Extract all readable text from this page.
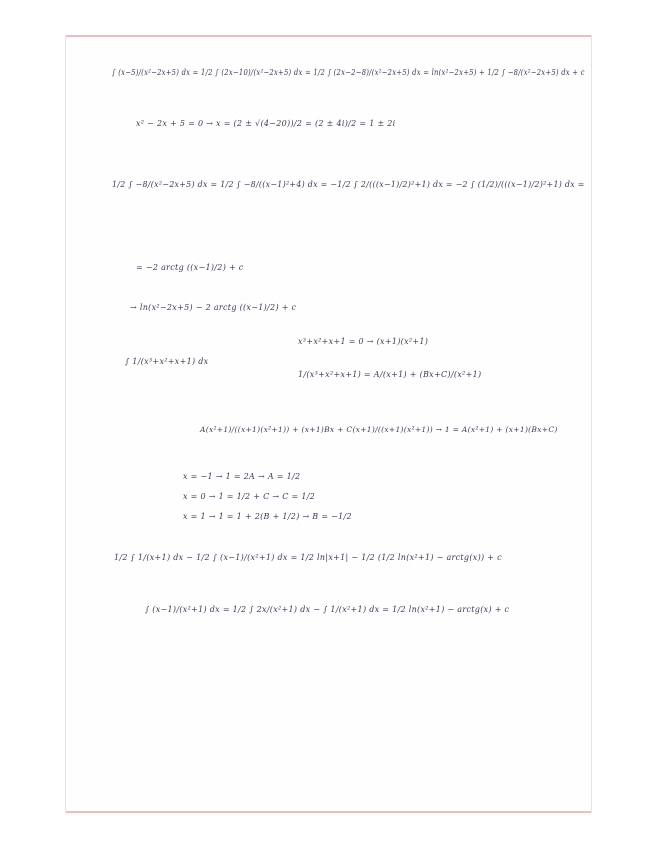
∫ (x−5)/(x²−2x+5) dx = 1/2 ∫ (2x−10)/(x²−2x+5) dx = 1/2 ∫ (2x−2−8)/(x²−2x+5) dx = ln(x²−2x+5) + 1/2 ∫ −8/(x²−2x+5) dx + c
x² − 2x + 5 = 0 → x = (2 ± √(4−20))/2 = (2 ± 4i)/2 = 1 ± 2i
1/2 ∫ −8/(x²−2x+5) dx = 1/2 ∫ −8/((x−1)²+4) dx = −1/2 ∫ 2/(((x−1)/2)²+1) dx = −2 ∫ (1/2)/(((x−1)/2)²+1) dx =
= −2 arctg ((x−1)/2) + c
→ ln(x²−2x+5) − 2 arctg ((x−1)/2) + c
∫ 1/(x³+x²+x+1) dx
x³+x²+x+1 = 0 → (x+1)(x²+1)
1/(x³+x²+x+1) = A/(x+1) + (Bx+C)/(x²+1)
A(x²+1)/((x+1)(x²+1)) + (x+1)Bx + C(x+1)/((x+1)(x²+1)) → 1 = A(x²+1) + (x+1)(Bx+C)
x = −1 → 1 = 2A → A = 1/2
x = 0 → 1 = 1/2 + C → C = 1/2
x = 1 → 1 = 1 + 2(B + 1/2) → B = −1/2
1/2 ∫ 1/(x+1) dx − 1/2 ∫ (x−1)/(x²+1) dx = 1/2 ln|x+1| − 1/2 (1/2 ln(x²+1) − arctg(x)) + c
∫ (x−1)/(x²+1) dx = 1/2 ∫ 2x/(x²+1) dx − ∫ 1/(x²+1) dx = 1/2 ln(x²+1) − arctg(x) + c
